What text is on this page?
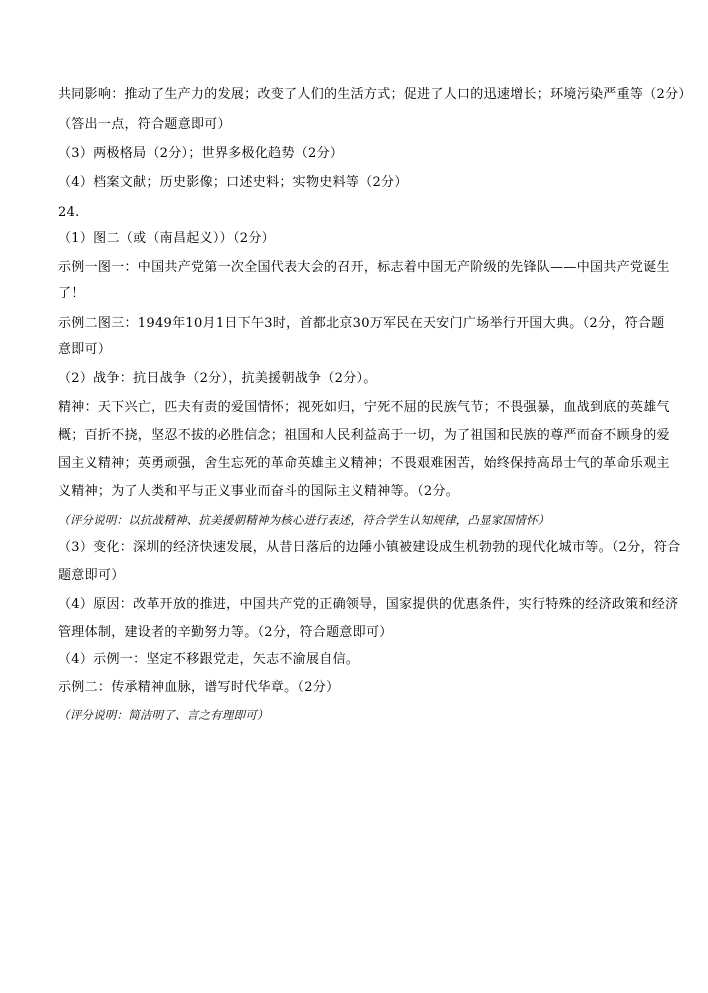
共同影响：推动了生产力的发展；改变了人们的生活方式；促进了人口的迅速增长；环境污染严重等（2分）
（答出一点，符合题意即可）
（3）两极格局（2分）；世界多极化趋势（2分）
（4）档案文献；历史影像；口述史料；实物史料等（2分）
24.
（1）图二（或（南昌起义））（2分）
示例一图一：中国共产党第一次全国代表大会的召开，标志着中国无产阶级的先锋队——中国共产党诞生
了！
示例二图三：1949年10月1日下午3时，首都北京30万军民在天安门广场举行开国大典。（2分，符合题
意即可）
（2）战争：抗日战争（2分），抗美援朝战争（2分）。
精神：天下兴亡，匹夫有责的爱国情怀；视死如归，宁死不屈的民族气节；不畏强暴，血战到底的英雄气
概；百折不挠，坚忍不拔的必胜信念；祖国和人民利益高于一切，为了祖国和民族的尊严而奋不顾身的爱
国主义精神；英勇顽强，舍生忘死的革命英雄主义精神；不畏艰难困苦，始终保持高昂士气的革命乐观主
义精神；为了人类和平与正义事业而奋斗的国际主义精神等。（2分。
（评分说明：以抗战精神、抗美援朝精神为核心进行表述，符合学生认知规律，凸显家国情怀）
（3）变化：深圳的经济快速发展，从昔日落后的边陲小镇被建设成生机勃勃的现代化城市等。（2分，符合
题意即可）
（4）原因：改革开放的推进，中国共产党的正确领导，国家提供的优惠条件，实行特殊的经济政策和经济
管理体制，建设者的辛勤努力等。（2分，符合题意即可）
（4）示例一：坚定不移跟党走，矢志不渝展自信。
示例二：传承精神血脉，谱写时代华章。（2分）
（评分说明：简洁明了、言之有理即可）
